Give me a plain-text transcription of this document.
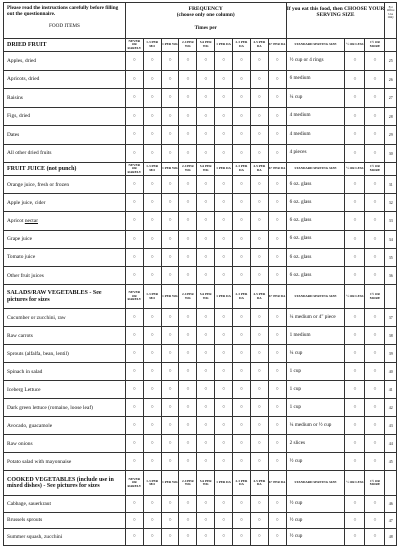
Please read the instructions carefully before filling out the questionnaire.
FOOD ITEMS	FREQUENCY
(choose only one column)
Times per									If you eat this food, then CHOOSE YOUR SERVING SIZE			For Office Use Only
DRIED FRUIT	NEVER OR RARELY	1-3 PER MO	1 PER WK	2-4 PER WK	5-6 PER WK	1 PER DA	2-3 PER DA	4-5 PER DA	6+ PER DA	STANDARD SERVING SIZE	½ OR LESS	1½ OR MORE	
Apples, dried	○	○	○	○	○	○	○	○	○	½ cup or 4 rings	○	○	25
Apricots, dried	○	○	○	○	○	○	○	○	○	6 medium	○	○	26
Raisins	○	○	○	○	○	○	○	○	○	¼ cup	○	○	27
Figs, dried	○	○	○	○	○	○	○	○	○	4 medium	○	○	28
Dates	○	○	○	○	○	○	○	○	○	4 medium	○	○	29
All other dried fruits	○	○	○	○	○	○	○	○	○	4 pieces	○	○	30
FRUIT JUICE (not punch)	NEVER OR RARELY	1-3 PER MO	1 PER WK	2-4 PER WK	5-6 PER WK	1 PER DA	2-3 PER DA	4-5 PER DA	6+ PER DA	STANDARD SERVING SIZE	½ OR LESS	1½ OR MORE	
Orange juice, fresh or frozen	○	○	○	○	○	○	○	○	○	6 oz. glass	○	○	31
Apple juice, cider	○	○	○	○	○	○	○	○	○	6 oz. glass	○	○	32
Apricot nectar	○	○	○	○	○	○	○	○	○	6 oz. glass	○	○	33
Grape juice	○	○	○	○	○	○	○	○	○	6 oz. glass	○	○	34
Tomato juice	○	○	○	○	○	○	○	○	○	6 oz. glass	○	○	35
Other fruit juices	○	○	○	○	○	○	○	○	○	6 oz. glass	○	○	36
SALADS/RAW VEGETABLES - See pictures for sizes	NEVER OR RARELY	1-3 PER MO	1 PER WK	2-4 PER WK	5-6 PER WK	1 PER DA	2-3 PER DA	4-5 PER DA	6+ PER DA	STANDARD SERVING SIZE	½ OR LESS	1½ OR MORE	
Cucumber or zucchini, raw	○	○	○	○	○	○	○	○	○	¼ medium or 4" piece	○	○	37
Raw carrots	○	○	○	○	○	○	○	○	○	1 medium	○	○	38
Sprouts (alfalfa, bean, lentil)	○	○	○	○	○	○	○	○	○	¼ cup	○	○	39
Spinach in salad	○	○	○	○	○	○	○	○	○	1 cup	○	○	40
Iceberg Lettuce	○	○	○	○	○	○	○	○	○	1 cup	○	○	41
Dark green lettuce (romaine, loose leaf)	○	○	○	○	○	○	○	○	○	1 cup	○	○	42
Avocado, guacamole	○	○	○	○	○	○	○	○	○	¼ medium or ½ cup	○	○	43
Raw onions	○	○	○	○	○	○	○	○	○	2 slices	○	○	44
Potato salad with mayonnaise	○	○	○	○	○	○	○	○	○	½ cup	○	○	45
COOKED VEGETABLES (include use in mixed dishes) - See pictures for sizes	NEVER OR RARELY	1-3 PER MO	1 PER WK	2-4 PER WK	5-6 PER WK	1 PER DA	2-3 PER DA	4-5 PER DA	6+ PER DA	STANDARD SERVING SIZE	½ OR LESS	1½ OR MORE	
Cabbage, sauerkraut	○	○	○	○	○	○	○	○	○	½ cup	○	○	46
Brussels sprouts	○	○	○	○	○	○	○	○	○	½ cup	○	○	47
Summer squash, zucchini	○	○	○	○	○	○	○	○	○	½ cup	○	○	48
